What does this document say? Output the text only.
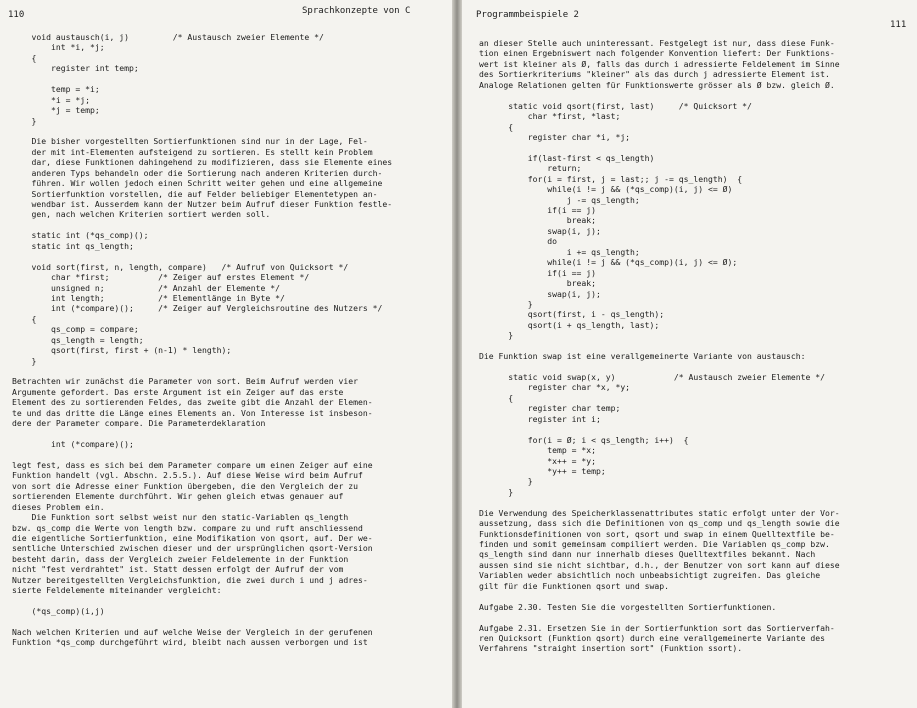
110	Sprachkonzepte von C
void austausch(i, j)         /* Austausch zweier Elemente */
int *i, *j;
{
register int temp;
temp = *i;
*i = *j;
*j = temp;
}
Die bisher vorgestellten Sortierfunktionen sind nur in der Lage, Fel-
der mit int-Elementen aufsteigend zu sortieren. Es stellt kein Problem
dar, diese Funktionen dahingehend zu modifizieren, dass sie Elemente eines
anderen Typs behandeln oder die Sortierung nach anderen Kriterien durch-
führen. Wir wollen jedoch einen Schritt weiter gehen und eine allgemeine
Sortierfunktion vorstellen, die auf Felder beliebiger Elementetypen an-
wendbar ist. Ausserdem kann der Nutzer beim Aufruf dieser Funktion festle-
gen, nach welchen Kriterien sortiert werden soll.
static int (*qs_comp)();
static int qs_length;
void sort(first, n, length, compare)   /* Aufruf von Quicksort */
char *first;          /* Zeiger auf erstes Element */
unsigned n;           /* Anzahl der Elemente */
int length;           /* Elementlänge in Byte */
int (*compare)();     /* Zeiger auf Vergleichsroutine des Nutzers */
{
qs_comp = compare;
qs_length = length;
qsort(first, first + (n-1) * length);
}
Betrachten wir zunächst die Parameter von sort. Beim Aufruf werden vier
Argumente gefordert. Das erste Argument ist ein Zeiger auf das erste
Element des zu sortierenden Feldes, das zweite gibt die Anzahl der Elemen-
te und das dritte die Länge eines Elements an. Von Interesse ist insbeson-
dere der Parameter compare. Die Parameterdeklaration
int (*compare)();
legt fest, dass es sich bei dem Parameter compare um einen Zeiger auf eine
Funktion handelt (vgl. Abschn. 2.5.5.). Auf diese Weise wird beim Aufruf
von sort die Adresse einer Funktion übergeben, die den Vergleich der zu
sortierenden Elemente durchführt. Wir gehen gleich etwas genauer auf
dieses Problem ein.
Die Funktion sort selbst weist nur den static-Variablen qs_length
bzw. qs_comp die Werte von length bzw. compare zu und ruft anschliessend
die eigentliche Sortierfunktion, eine Modifikation von qsort, auf. Der we-
sentliche Unterschied zwischen dieser und der ursprünglichen qsort-Version
besteht darin, dass der Vergleich zweier Feldelemente in der Funktion
nicht "fest verdrahtet" ist. Statt dessen erfolgt der Aufruf der vom
Nutzer bereitgestellten Vergleichsfunktion, die zwei durch i und j adres-
sierte Feldelemente miteinander vergleicht:
(*qs_comp)(i,j)
Nach welchen Kriterien und auf welche Weise der Vergleich in der gerufenen
Funktion *qs_comp durchgeführt wird, bleibt nach aussen verborgen und ist
Programmbeispiele 2
111
an dieser Stelle auch uninteressant. Festgelegt ist nur, dass diese Funk-
tion einen Ergebniswert nach folgender Konvention liefert: Der Funktions-
wert ist kleiner als Ø, falls das durch i adressierte Feldelement im Sinne
des Sortierkriteriums "kleiner" als das durch j adressierte Element ist.
Analoge Relationen gelten für Funktionswerte grösser als Ø bzw. gleich Ø.
static void qsort(first, last)     /* Quicksort */
char *first, *last;
{
register char *i, *j;
if(last-first < qs_length)
return;
for(i = first, j = last;; j -= qs_length)  {
while(i != j && (*qs_comp)(i, j) <= Ø)
j -= qs_length;
if(i == j)
break;
swap(i, j);
do
i += qs_length;
while(i != j && (*qs_comp)(i, j) <= Ø);
if(i == j)
break;
swap(i, j);
}
qsort(first, i - qs_length);
qsort(i + qs_length, last);
}
Die Funktion swap ist eine verallgemeinerte Variante von austausch:
static void swap(x, y)            /* Austausch zweier Elemente */
register char *x, *y;
{
register char temp;
register int i;
for(i = Ø; i < qs_length; i++)  {
temp = *x;
*x++ = *y;
*y++ = temp;
}
}
Die Verwendung des Speicherklassenattributes static erfolgt unter der Vor-
aussetzung, dass sich die Definitionen von qs_comp und qs_length sowie die
Funktionsdefinitionen von sort, qsort und swap in einem Quelltextfile be-
finden und somit gemeinsam compiliert werden. Die Variablen qs_comp bzw.
qs_length sind dann nur innerhalb dieses Quelltextfiles bekannt. Nach
aussen sind sie nicht sichtbar, d.h., der Benutzer von sort kann auf diese
Variablen weder absichtlich noch unbeabsichtigt zugreifen. Das gleiche
gilt für die Funktionen qsort und swap.
Aufgabe 2.30. Testen Sie die vorgestellten Sortierfunktionen.
Aufgabe 2.31. Ersetzen Sie in der Sortierfunktion sort das Sortierverfah-
ren Quicksort (Funktion qsort) durch eine verallgemeinerte Variante des
Verfahrens "straight insertion sort" (Funktion ssort).
